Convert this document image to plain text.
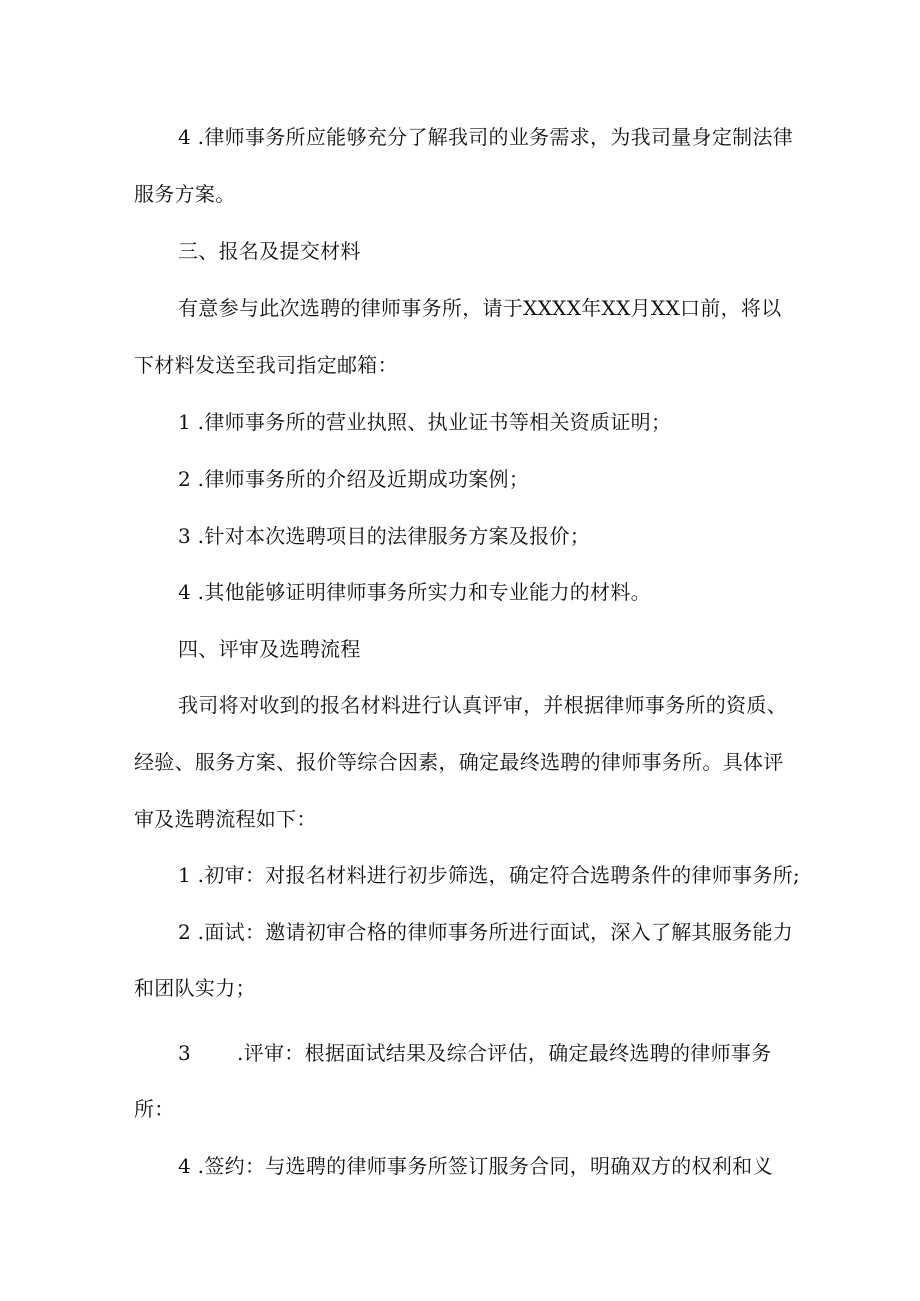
4 .律师事务所应能够充分了解我司的业务需求，为我司量身定制法律
服务方案。
三、报名及提交材料
有意参与此次选聘的律师事务所，请于XXXX年XX月XX口前，将以
下材料发送至我司指定邮箱：
1 .律师事务所的营业执照、执业证书等相关资质证明；
2 .律师事务所的介绍及近期成功案例；
3 .针对本次选聘项目的法律服务方案及报价；
4 .其他能够证明律师事务所实力和专业能力的材料。
四、评审及选聘流程
我司将对收到的报名材料进行认真评审，并根据律师事务所的资质、
经验、服务方案、报价等综合因素，确定最终选聘的律师事务所。具体评
审及选聘流程如下：
1 .初审：对报名材料进行初步筛选，确定符合选聘条件的律师事务所;
2 .面试：邀请初审合格的律师事务所进行面试，深入了解其服务能力
和团队实力；
3 .评审：根据面试结果及综合评估，确定最终选聘的律师事务
所：
4 .签约：与选聘的律师事务所签订服务合同，明确双方的权利和义
